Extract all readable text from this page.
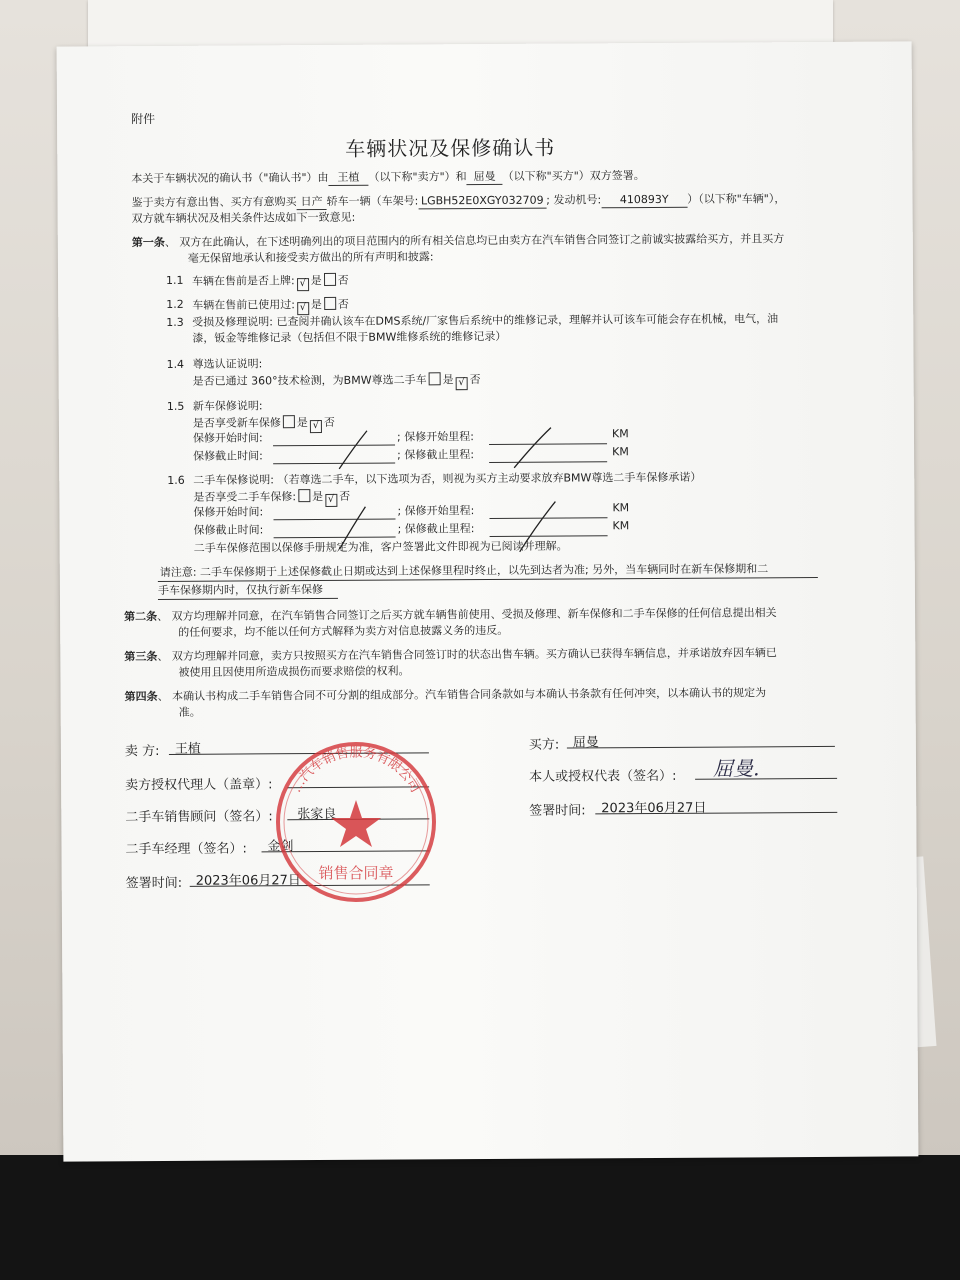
附件
车辆状况及保修确认书
本关于车辆状况的确认书（"确认书"）由 王植 （以下称"卖方"）和 屈曼 （以下称"买方"）双方签署。
鉴于卖方有意出售、买方有意购买 日产 轿车一辆（车架号: LGBH52E0XGY032709 ; 发动机号: 410893Y ）（以下称"车辆"），
双方就车辆状况及相关条件达成如下一致意见:
第一条、 双方在此确认，在下述明确列出的项目范围内的所有相关信息均已由卖方在汽车销售合同签订之前诚实披露给买方，并且买方
毫无保留地承认和接受卖方做出的所有声明和披露:
1.1 车辆在售前是否上牌: √ 是 否
1.2 车辆在售前已使用过: √ 是 否
1.3 受损及修理说明: 已查阅并确认该车在DMS系统/厂家售后系统中的维修记录，理解并认可该车可能会存在机械，电气，油
漆，钣金等维修记录（包括但不限于BMW维修系统的维修记录）
1.4 尊选认证说明:
是否已通过 360°技术检测，为BMW尊选二手车 是 √ 否
1.5 新车保修说明:
是否享受新车保修 是 √ 否
保修开始时间:	; 保修开始里程:	KM
保修截止时间:	; 保修截止里程:	KM
1.6 二手车保修说明: （若尊选二手车，以下选项为否，则视为买方主动要求放弃BMW尊选二手车保修承诺）
是否享受二手车保修: 是 √ 否
保修开始时间:	; 保修开始里程:	KM
保修截止时间:	; 保修截止里程:	KM
二手车保修范围以保修手册规定为准，客户签署此文件即视为已阅读并理解。
请注意: 二手车保修期于上述保修截止日期或达到上述保修里程时终止，以先到达者为准; 另外，当车辆同时在新车保修期和二
手车保修期内时，仅执行新车保修
第二条、 双方均理解并同意，在汽车销售合同签订之后买方就车辆售前使用、受损及修理、新车保修和二手车保修的任何信息提出相关
的任何要求，均不能以任何方式解释为卖方对信息披露义务的违反。
第三条、 双方均理解并同意，卖方只按照买方在汽车销售合同签订时的状态出售车辆。买方确认已获得车辆信息，并承诺放弃因车辆已
被使用且因使用所造成损伤而要求赔偿的权利。
第四条、 本确认书构成二手车销售合同不可分割的组成部分。汽车销售合同条款如与本确认书条款有任何冲突，以本确认书的规定为
准。
卖 方: 王植
卖方授权代理人（盖章）:
二手车销售顾问（签名）: 张家良
二手车经理（签名）: 金剑
签署时间: 2023年06月27日
买方: 屈曼
本人或授权代表（签名）: 屈曼.
签署时间: 2023年06月27日
…汽车销售服务有限公司
销售合同章
